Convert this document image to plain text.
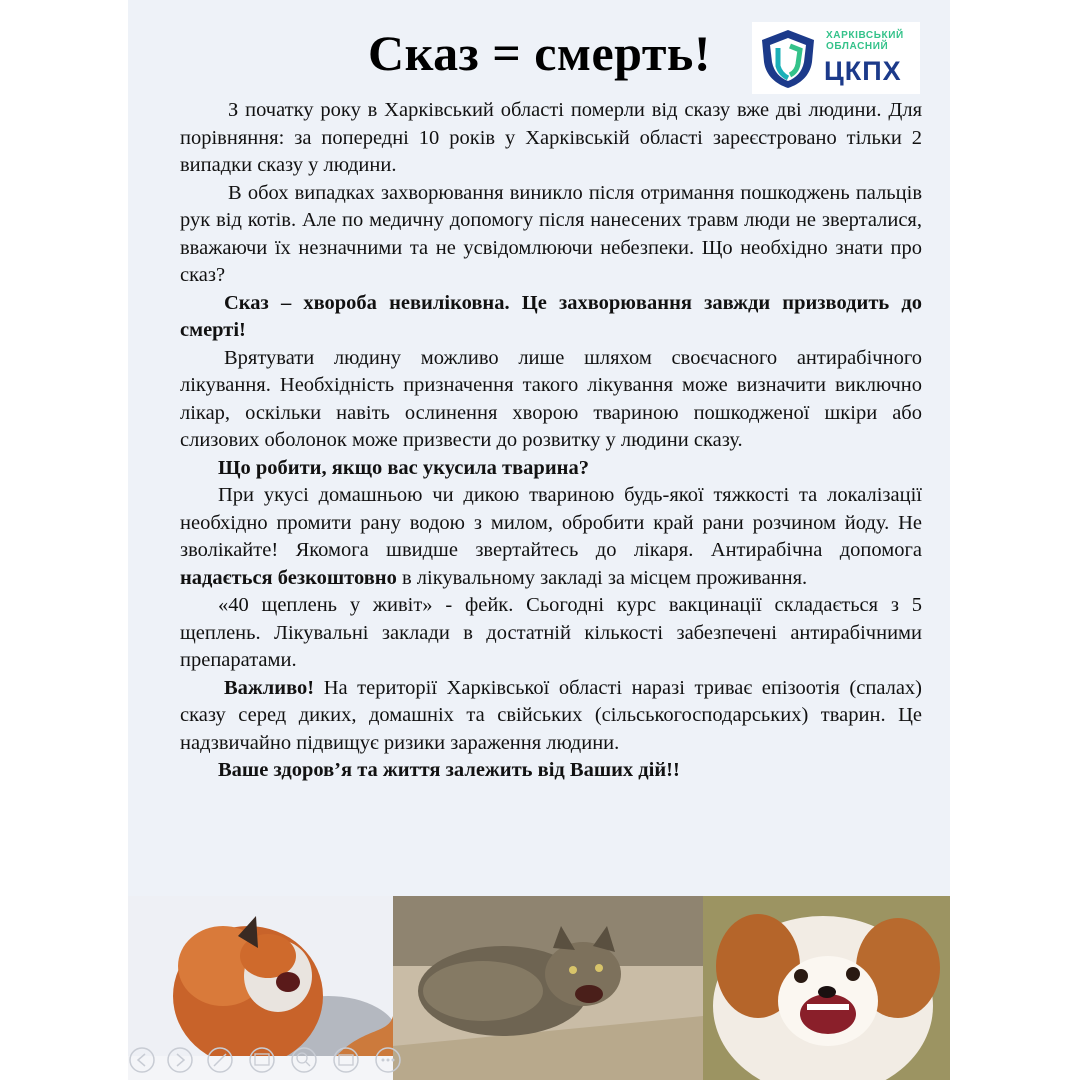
Сказ = смерть!	ХАРКІВСЬКИЙ
ОБЛАСНИЙ
ЦКПХ

З початку року в Харківський області померли від сказу вже дві людини. Для порівняння: за попередні 10 років у Харківській області зареєстровано тільки 2 випадки сказу у людини.

В обох випадках захворювання виникло після отримання пошкоджень пальців рук від котів. Але по медичну допомогу після нанесених травм люди не зверталися, вважаючи їх незначними та не усвідомлюючи небезпеки. Що необхідно знати про сказ?

Сказ – хвороба невиліковна. Це захворювання завжди призводить до смерті!

Врятувати людину можливо лише шляхом своєчасного антирабічного лікування. Необхідність призначення такого лікування може визначити виключно лікар, оскільки навіть ослинення хворою твариною пошкодженої шкіри або слизових оболонок може призвести до розвитку у людини сказу.

Що робити, якщо вас укусила тварина?

При укусі домашньою чи дикою твариною будь-якої тяжкості та локалізації необхідно промити рану водою з милом, обробити край рани розчином йоду. Не зволікайте! Якомога швидше звертайтесь до лікаря. Антирабічна допомога надається безкоштовно в лікувальному закладі за місцем проживання.

«40 щеплень у живіт» - фейк. Сьогодні курс вакцинації складається з 5 щеплень. Лікувальні заклади в достатній кількості забезпечені антирабічними препаратами.

Важливо! На території Харківської області наразі триває епізоотія (спалах) сказу серед диких, домашніх та свійських (сільськогосподарських) тварин. Це надзвичайно підвищує ризики зараження людини.

Ваше здоров’я та життя залежить від Ваших дій!!
